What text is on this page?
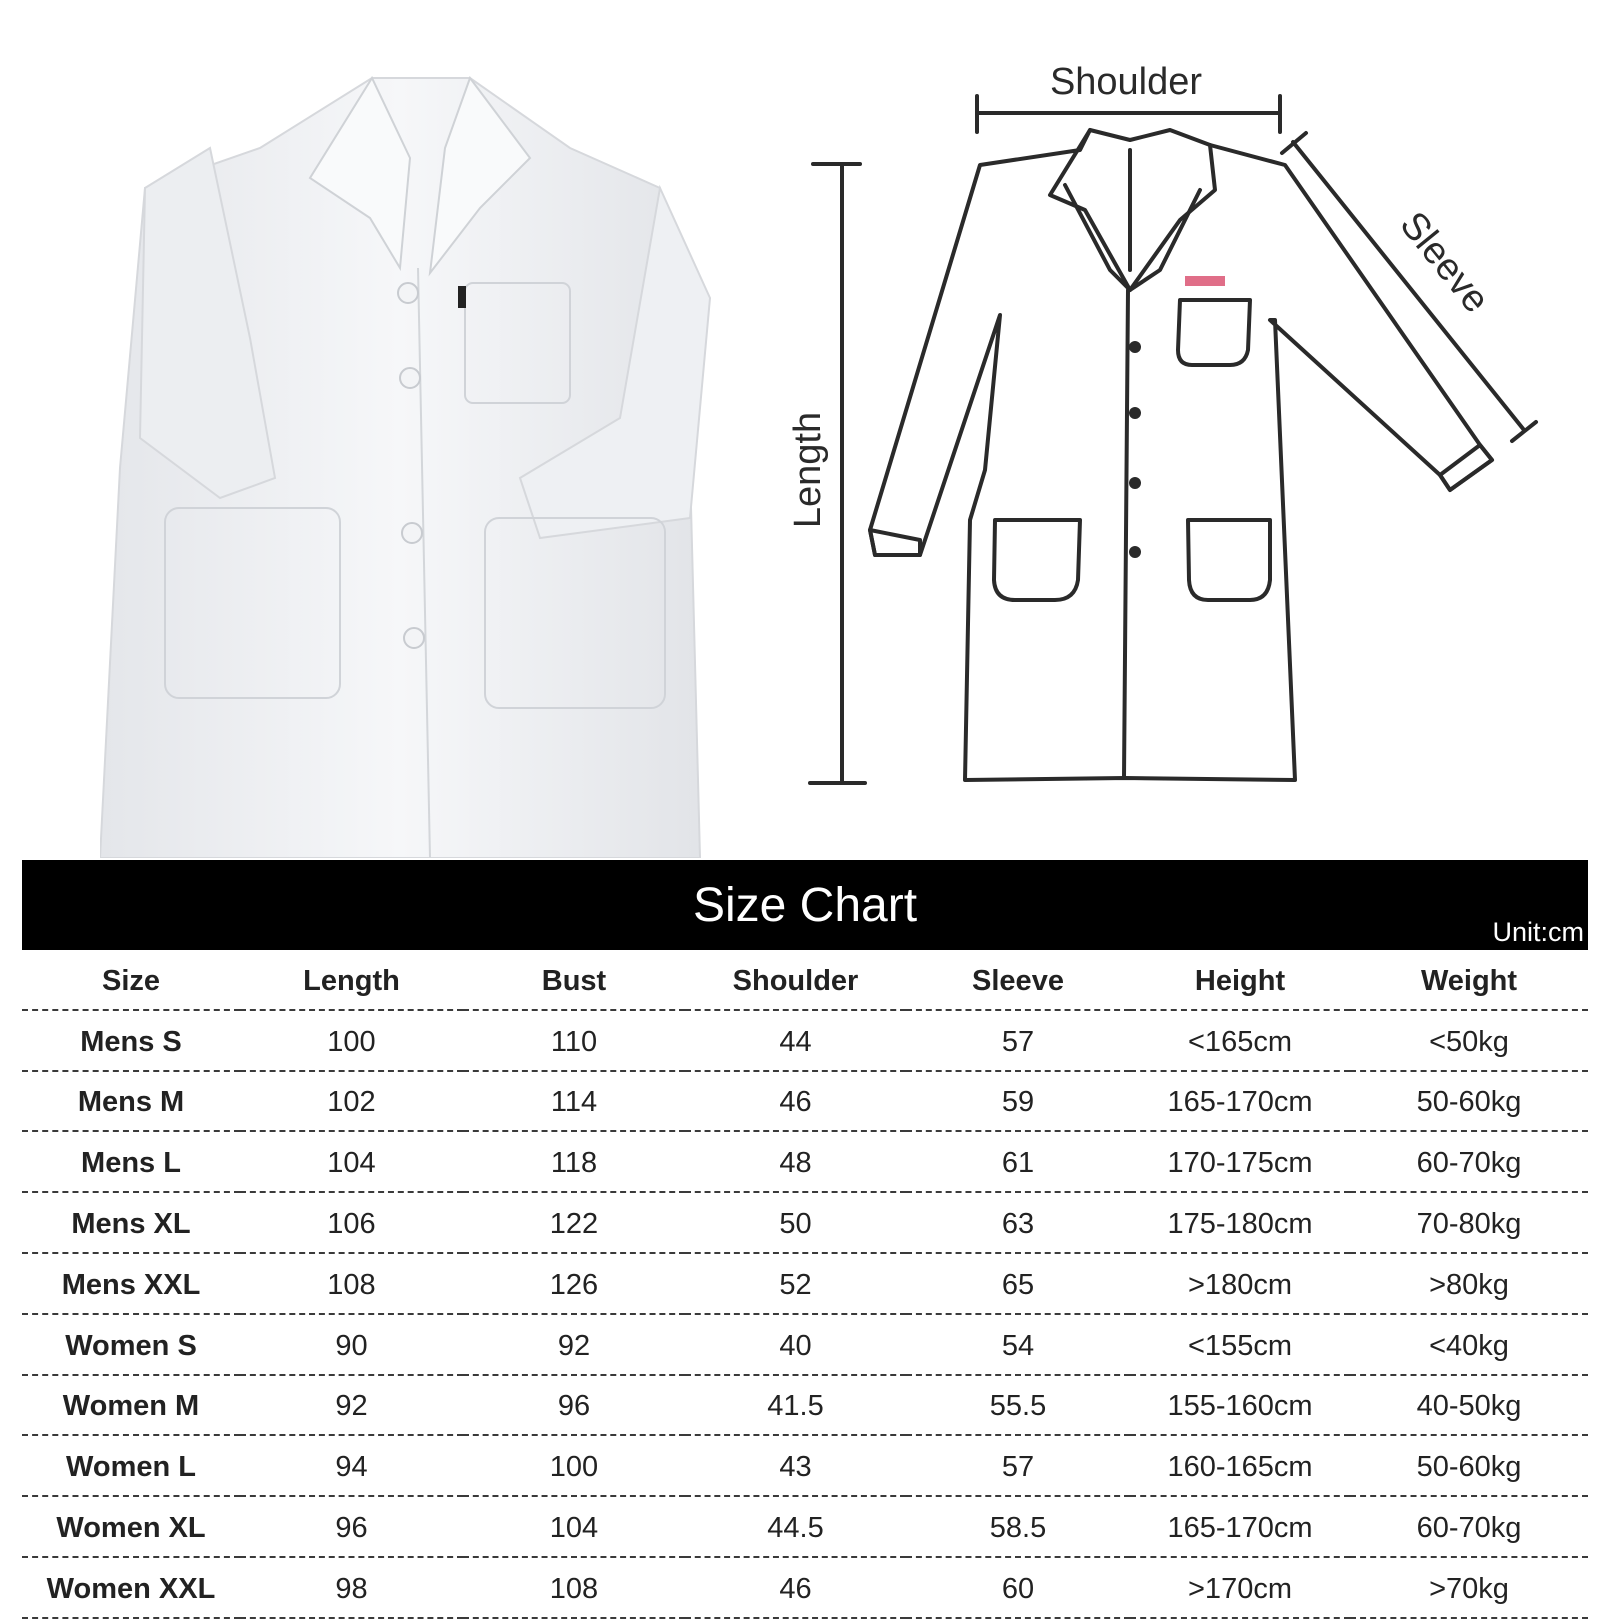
Shoulder
Length
Sleeve
Size Chart	Unit:cm
Size	Length	Bust	Shoulder	Sleeve	Height	Weight
Mens S	100	110	44	57	<165cm	<50kg
Mens M	102	114	46	59	165-170cm	50-60kg
Mens L	104	118	48	61	170-175cm	60-70kg
Mens XL	106	122	50	63	175-180cm	70-80kg
Mens XXL	108	126	52	65	>180cm	>80kg
Women S	90	92	40	54	<155cm	<40kg
Women M	92	96	41.5	55.5	155-160cm	40-50kg
Women L	94	100	43	57	160-165cm	50-60kg
Women XL	96	104	44.5	58.5	165-170cm	60-70kg
Women XXL	98	108	46	60	>170cm	>70kg
